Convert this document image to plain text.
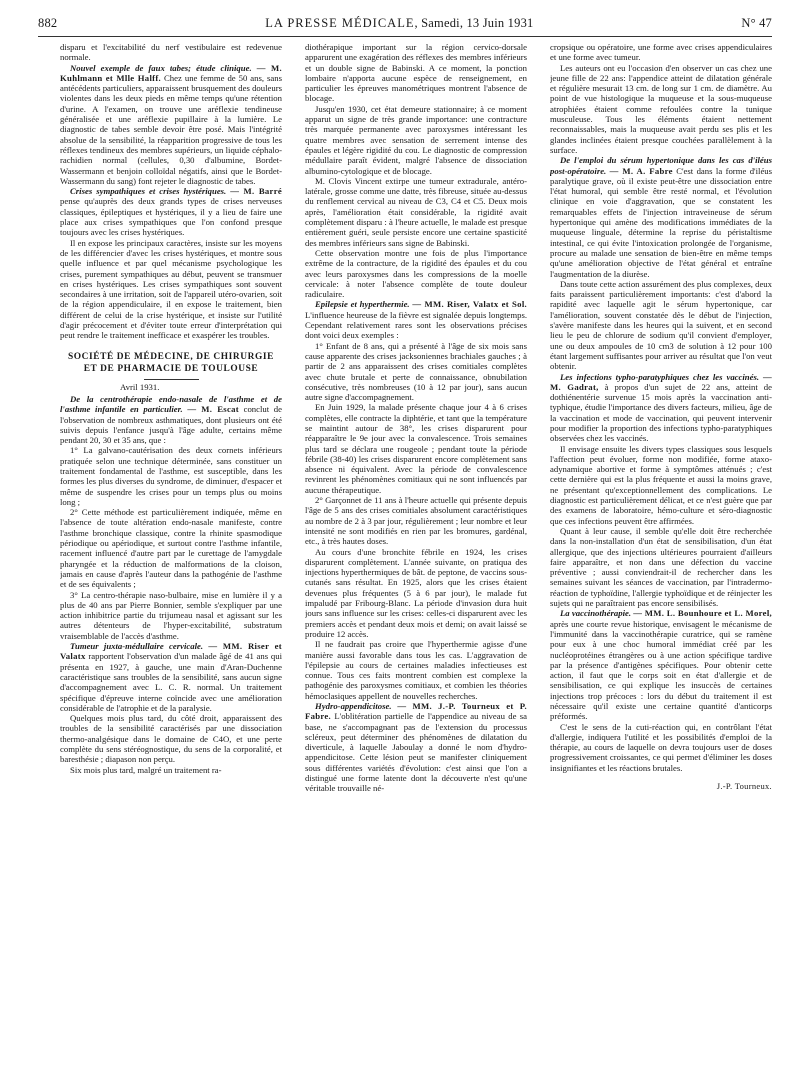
882	LA PRESSE MÉDICALE, Samedi, 13 Juin 1931	N° 47

disparu et l'excitabilité du nerf vestibulaire est redevenue normale.

Nouvel exemple de faux tabes; étude clinique. — M. Kuhlmann et Mlle Halff. Chez une femme de 50 ans, sans antécédents particuliers, apparaissent brusquement des douleurs violentes dans les deux pieds en même temps qu'une rétention d'urine. A l'examen, on trouve une aréflexie tendineuse généralisée et une aréflexie pupillaire à la lumière. Le diagnostic de tabes semble devoir être posé. Mais l'intégrité absolue de la sensibilité, la réapparition progressive de tous les réflexes tendineux des membres supérieurs, un liquide céphalo-rachidien normal (cellules, 0,30 d'albumine, Bordet-Wassermann et benjoin colloïdal négatifs, ainsi que le Bordet-Wassermann du sang) font rejeter le diagnostic de tabes.

Crises sympathiques et crises hystériques. — M. Barré pense qu'auprès des deux grands types de crises nerveuses classiques, épileptiques et hystériques, il y a lieu de faire une place aux crises sympathiques que l'on confond presque toujours avec les crises hystériques.

Il en expose les principaux caractères, insiste sur les moyens de les différencier d'avec les crises hystériques, et montre sous quelle influence et par quel mécanisme psychologique les crises, purement sympathiques au début, peuvent se transmuer en crises hystériques. Les crises sympathiques sont souvent secondaires à une irritation, soit de l'appareil utéro-ovarien, soit de la région appendiculaire, il en expose le traitement, bien différent de celui de la crise hystérique, et insiste sur l'utilité d'agir précocement et d'éviter toute erreur d'interprétation qui peut rendre le traitement inefficace et exaspérer les troubles.

SOCIÉTÉ DE MÉDECINE, DE CHIRURGIE
ET DE PHARMACIE DE TOULOUSE
Avril 1931.

De la centrothérapie endo-nasale de l'asthme et de l'asthme infantile en particulier. — M. Escat conclut de l'observation de nombreux asthmatiques, dont plusieurs ont été suivis depuis l'enfance jusqu'à l'âge adulte, certains même pendant 20, 30 et 35 ans, que :

1° La galvano-cautérisation des deux cornets inférieurs pratiquée selon une technique déterminée, sans constituer un traitement fondamental de l'asthme, est susceptible, dans les formes les plus diverses du syndrome, de diminuer, d'espacer et même de suspendre les crises pour un temps plus ou moins long ;

2° Cette méthode est particulièrement indiquée, même en l'absence de toute altération endo-nasale manifeste, contre l'asthme bronchique classique, contre la rhinite spasmodique périodique ou apériodique, et surtout contre l'asthme infantile, racement influencé d'autre part par le curettage de l'amygdale pharyngée et la réduction de malformations de la cloison, jamais en cause d'après l'auteur dans la pathogénie de l'asthme et de ses équivalents ;

3° La centro-thérapie naso-bulbaire, mise en lumière il y a plus de 40 ans par Pierre Bonnier, semble s'expliquer par une action inhibitrice partie du trijumeau nasal et agissant sur les autres détenteurs de l'hyper-excitabilité, substratum vraisemblable de l'accès d'asthme.

Tumeur juxta-médullaire cervicale. — MM. Riser et Valatx rapportent l'observation d'un malade âgé de 41 ans qui présenta en 1927, à gauche, une main d'Aran-Duchenne caractéristique sans troubles de la sensibilité, sans aucun signe d'accompagnement avec L. C. R. normal. Un traitement spécifique d'épreuve interne coïncide avec une amélioration considérable de l'atrophie et de la paralysie.

Quelques mois plus tard, du côté droit, apparaissent des troubles de la sensibilité caractérisés par une dissociation thermo-analgésique dans le domaine de C4O, et une perte complète du sens stéréognostique, du sens de la corporalité, et baresthésie ; diapason non perçu.

Six mois plus tard, malgré un traitement ra-

diothérapique important sur la région cervico-dorsale apparurent une exagération des réflexes des membres inférieurs et un double signe de Babinski. A ce moment, la ponction lombaire n'apporta aucune espèce de renseignement, en particulier les épreuves manométriques montrent l'absence de blocage.

Jusqu'en 1930, cet état demeure stationnaire; à ce moment apparut un signe de très grande importance: une contracture très marquée permanente avec paroxysmes intéressant les quatre membres avec sensation de serrement intense des épaules et légère rigidité du cou. Le diagnostic de compression médullaire paraît évident, malgré l'absence de dissociation albumino-cytologique et de blocage.

M. Clovis Vincent extirpe une tumeur extradurale, antéro-latérale, grosse comme une datte, très fibreuse, située au-dessus du renflement cervical au niveau de C3, C4 et C5. Deux mois après, l'amélioration était considérable, la rigidité avait complètement disparu : à l'heure actuelle, le malade est presque entièrement guéri, seule persiste encore une certaine spasticité des membres inférieurs sans signe de Babinski.

Cette observation montre une fois de plus l'importance extrême de la contracture, de la rigidité des épaules et du cou avec leurs paroxysmes dans les compressions de la moelle cervicale: à noter l'absence complète de toute douleur radiculaire.

Epilepsie et hyperthermie. — MM. Riser, Valatx et Sol. L'influence heureuse de la fièvre est signalée depuis longtemps. Cependant relativement rares sont les observations précises dont voici deux exemples :

1° Enfant de 8 ans, qui a présenté à l'âge de six mois sans cause apparente des crises jacksoniennes brachiales gauches ; à partir de 2 ans apparaissent des crises comitiales complètes avec chute brutale et perte de connaissance, obnubilation consécutive, très nombreuses (10 à 12 par jour), sans aucun autre signe d'accompagnement.

En Juin 1929, la malade présente chaque jour 4 à 6 crises complètes, elle contracte la diphtérie, et tant que la température se maintint autour de 38°, les crises disparurent pour réapparaître le 9e jour avec la convalescence. Trois semaines plus tard se déclara une rougeole ; pendant toute la période fébrile (38-40) les crises disparurent encore complètement sans absence ni équivalent. Avec la période de convalescence revinrent les phénomènes comitiaux qui ne sont influencés par aucune thérapeutique.

2° Garçonnet de 11 ans à l'heure actuelle qui présente depuis l'âge de 5 ans des crises comitiales absolument caractéristiques au nombre de 2 à 3 par jour, régulièrement ; leur nombre et leur intensité ne sont modifiés en rien par les bromures, gardénal, etc., à très hautes doses.

Au cours d'une bronchite fébrile en 1924, les crises disparurent complètement. L'année suivante, on pratiqua des injections hyperthermiques de bât. de peptone, de vaccins sous-cutanés sans résultat. En 1925, alors que les crises étaient devenues plus fréquentes (5 à 6 par jour), le malade fut impaludé par Fribourg-Blanc. La période d'invasion dura huit jours sans influence sur les crises: celles-ci disparurent avec les premiers accès et pendant deux mois et demi; on avait laissé se produire 12 accès.

Il ne faudrait pas croire que l'hyperthermie agisse d'une manière aussi favorable dans tous les cas. L'aggravation de l'épilepsie au cours de certaines maladies infectieuses est connue. Tous ces faits montrent combien est complexe la pathogénie des paroxysmes comitiaux, et combien les théories hémoclasiques appellent de nouvelles recherches.

Hydro-appendicitose. — MM. J.-P. Tourneux et P. Fabre. L'oblitération partielle de l'appendice au niveau de sa base, ne s'accompagnant pas de l'extension du processus scléreux, peut déterminer des phénomènes de dilatation du diverticule, à laquelle Jaboulay a donné le nom d'hydro-appendicitose. Cette lésion peut se manifester cliniquement sous différentes variétés d'évolution: c'est ainsi que l'on a distingué une forme latente dont la découverte n'est qu'une véritable trouvaille né-

cropsique ou opératoire, une forme avec crises appendiculaires et une forme avec tumeur.

Les auteurs ont eu l'occasion d'en observer un cas chez une jeune fille de 22 ans: l'appendice atteint de dilatation générale et régulière mesurait 13 cm. de long sur 1 cm. de diamètre. Au point de vue histologique la muqueuse et la sous-muqueuse atrophiées étaient comme refoulées contre la tunique musculeuse. Tous les éléments étaient nettement reconnaissables, mais la muqueuse avait perdu ses plis et les glandes inclinées étaient presque couchées parallèlement à la surface.

De l'emploi du sérum hypertonique dans les cas d'iléus post-opératoire. — M. A. Fabre C'est dans la forme d'iléus paralytique grave, où il existe peut-être une dissociation entre l'état humoral, qui semble être resté normal, et l'évolution clinique en voie d'aggravation, que se constatent les remarquables effets de l'injection intraveineuse de sérum hypertonique qui amène des modifications immédiates de la muqueuse linguale, détermine la reprise du péristaltisme intestinal, ce qui évite l'intoxication prolongée de l'organisme, procure au malade une sensation de bien-être en même temps qu'une amélioration objective de l'état général et entraîne l'augmentation de la diurèse.

Dans toute cette action assurément des plus complexes, deux faits paraissent particulièrement importants: c'est d'abord la rapidité avec laquelle agit le sérum hypertonique, car l'amélioration, souvent constatée dès le début de l'injection, s'avère manifeste dans les heures qui la suivent, et en second lieu le peu de chlorure de sodium qu'il convient d'employer, une ou deux ampoules de 10 cm3 de solution à 12 pour 100 étant largement suffisantes pour arriver au résultat que l'on veut obtenir.

Les infections typho-paratyphiques chez les vaccinés. — M. Gadrat, à propos d'un sujet de 22 ans, atteint de dothiénentérie survenue 15 mois après la vaccination anti-typhique, étudie l'importance des divers facteurs, milieu, âge de la vaccination et mode de vaccination, qui peuvent intervenir pour modifier la proportion des infections typho-paratyphiques observées chez les vaccinés.

Il envisage ensuite les divers types classiques sous lesquels l'affection peut évoluer, forme non modifiée, forme ataxo-adynamique abortive et forme à symptômes atténués ; c'est cette dernière qui est la plus fréquente et aussi la moins grave, ne présentant qu'exceptionnellement des complications. Le diagnostic est particulièrement délicat, et ce n'est guère que par des examens de laboratoire, hémo-culture et séro-diagnostic que ces infections peuvent être affirmées.

Quant à leur cause, il semble qu'elle doit être recherchée dans la non-installation d'un état de sensibilisation, d'un état allergique, que des injections ultérieures pourraient d'ailleurs faire apparaître, et non dans une défection du vaccine préventive ; aussi conviendrait-il de rechercher dans les semaines suivant les séances de vaccination, par l'intradermo-réaction de typhoïdine, l'allergie typhoïdique et de réinjecter les sujets qui ne paraîtraient pas encore sensibilisés.

La vaccinothérapie. — MM. L. Bounhoure et L. Morel, après une courte revue historique, envisagent le mécanisme de l'immunité dans la vaccinothérapie curatrice, qui se ramène pour eux à une choc humoral immédiat créé par les nucléoprotéines étrangères ou à une action spécifique tardive par la présence d'antigènes spécifiques. Pour obtenir cette action, il faut que le corps soit en état d'allergie et de sensibilisation, ce qui explique les insuccès de certaines injections trop précoces : lors du début du traitement il est nécessaire qu'il existe une certaine quantité d'anticorps préformés.

C'est le sens de la cuti-réaction qui, en contrôlant l'état d'allergie, indiquera l'utilité et les possibilités d'emploi de la thérapie, au cours de laquelle on devra toujours user de doses progressivement croissantes, ce qui permet d'éliminer les doses insignifiantes et les réactions brutales.

J.-P. Tourneux.
